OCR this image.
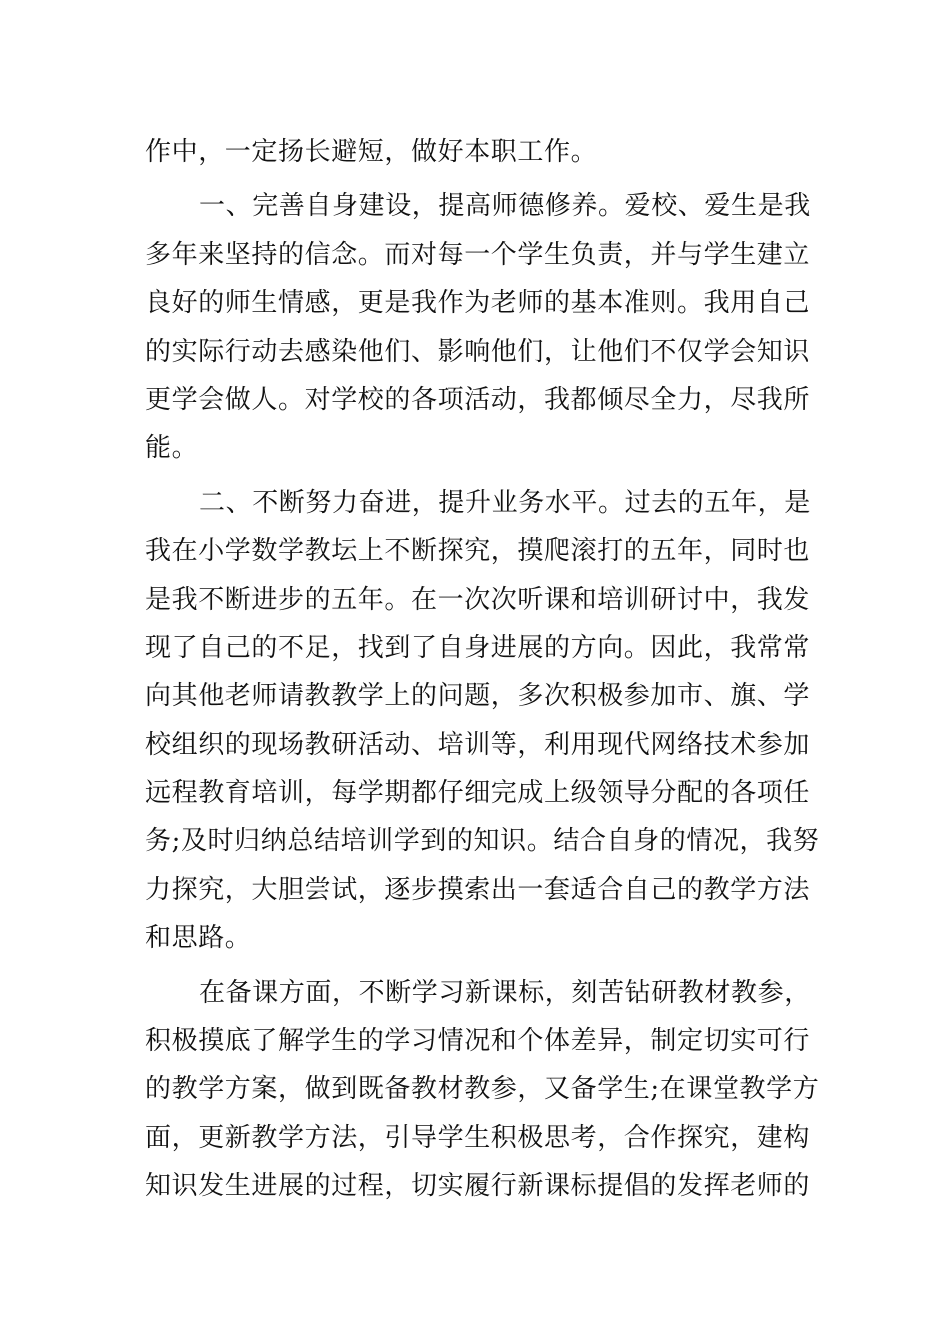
作中，一定扬长避短，做好本职工作。
一、完善自身建设，提高师德修养。爱校、爱生是我
多年来坚持的信念。而对每一个学生负责，并与学生建立
良好的师生情感，更是我作为老师的基本准则。我用自己
的实际行动去感染他们、影响他们，让他们不仅学会知识
更学会做人。对学校的各项活动，我都倾尽全力，尽我所
能。
二、不断努力奋进，提升业务水平。过去的五年，是
我在小学数学教坛上不断探究，摸爬滚打的五年，同时也
是我不断进步的五年。在一次次听课和培训研讨中，我发
现了自己的不足，找到了自身进展的方向。因此，我常常
向其他老师请教教学上的问题，多次积极参加市、旗、学
校组织的现场教研活动、培训等，利用现代网络技术参加
远程教育培训，每学期都仔细完成上级领导分配的各项任
务;及时归纳总结培训学到的知识。结合自身的情况，我努
力探究，大胆尝试，逐步摸索出一套适合自己的教学方法
和思路。
在备课方面，不断学习新课标，刻苦钻研教材教参，
积极摸底了解学生的学习情况和个体差异，制定切实可行
的教学方案，做到既备教材教参，又备学生;在课堂教学方
面，更新教学方法，引导学生积极思考，合作探究，建构
知识发生进展的过程，切实履行新课标提倡的发挥老师的
